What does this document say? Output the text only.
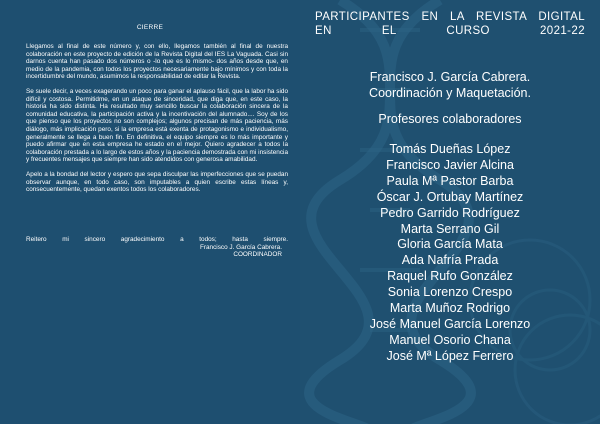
CIERRE

Llegamos al final de este número y, con ello, llegamos también al final de nuestra colaboración en este proyecto de edición de la Revista Digital del IES La Vaguada. Casi sin darnos cuenta han pasado dos números o -lo que es lo mismo- dos años desde que, en medio de la pandemia, con todos los proyectos necesariamente bajo mínimos y con toda la incertidumbre del mundo, asumimos la responsabilidad de editar la Revista.

Se suele decir, a veces exagerando un poco para ganar el aplauso fácil, que la labor ha sido difícil y costosa. Permitidme, en un ataque de sinceridad, que diga que, en este caso, la historia ha sido distinta. Ha resultado muy sencillo buscar la colaboración sincera de la comunidad educativa, la participación activa y la incentivación del alumnado.... Soy de los que pienso que los proyectos no son complejos; algunos precisan de más paciencia, más diálogo, más implicación pero, si la empresa está exenta de protagonismo e individualismo, generalmente se llega a buen fin. En definitiva, el equipo siempre es lo más importante y puedo afirmar que en esta empresa he estado en el mejor. Quiero agradecer a todos la colaboración prestada a lo largo de estos años y la paciencia demostrada con mi insistencia y frecuentes mensajes que siempre han sido atendidos con generosa amabilidad.

Apelo a la bondad del lector y espero que sepa disculpar las imperfecciones que se puedan observar aunque, en todo caso, son imputables a quien escribe estas líneas y, consecuentemente, quedan exentos todos los colaboradores.

Reitero mi sincero agradecimiento a todos; hasta siempre.
Francisco J. García Cabrera.
COORDINADOR
PARTICIPANTES EN LA REVISTA DIGITAL
EN EL CURSO 2021-22
Francisco J. García Cabrera.
Coordinación y Maquetación.
Profesores colaboradores
Tomás Dueñas López
Francisco Javier Alcina
Paula Mª Pastor Barba
Óscar J. Ortubay Martínez
Pedro Garrido Rodríguez
Marta Serrano Gil
Gloria García Mata
Ada Nafría Prada
Raquel Rufo González
Sonia Lorenzo Crespo
Marta Muñoz Rodrigo
José Manuel García Lorenzo
Manuel Osorio Chana
José Mª López Ferrero
